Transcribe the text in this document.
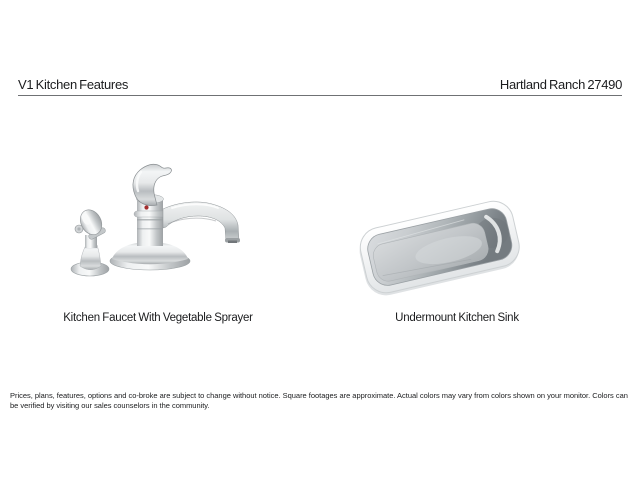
V1 Kitchen Features	Hartland Ranch 27490
Kitchen Faucet With Vegetable Sprayer	Undermount Kitchen Sink
Prices, plans, features, options and co-broke are subject to change without notice. Square footages are approximate. Actual colors may vary from colors shown on your monitor. Colors can be verified by visiting our sales counselors in the community.
